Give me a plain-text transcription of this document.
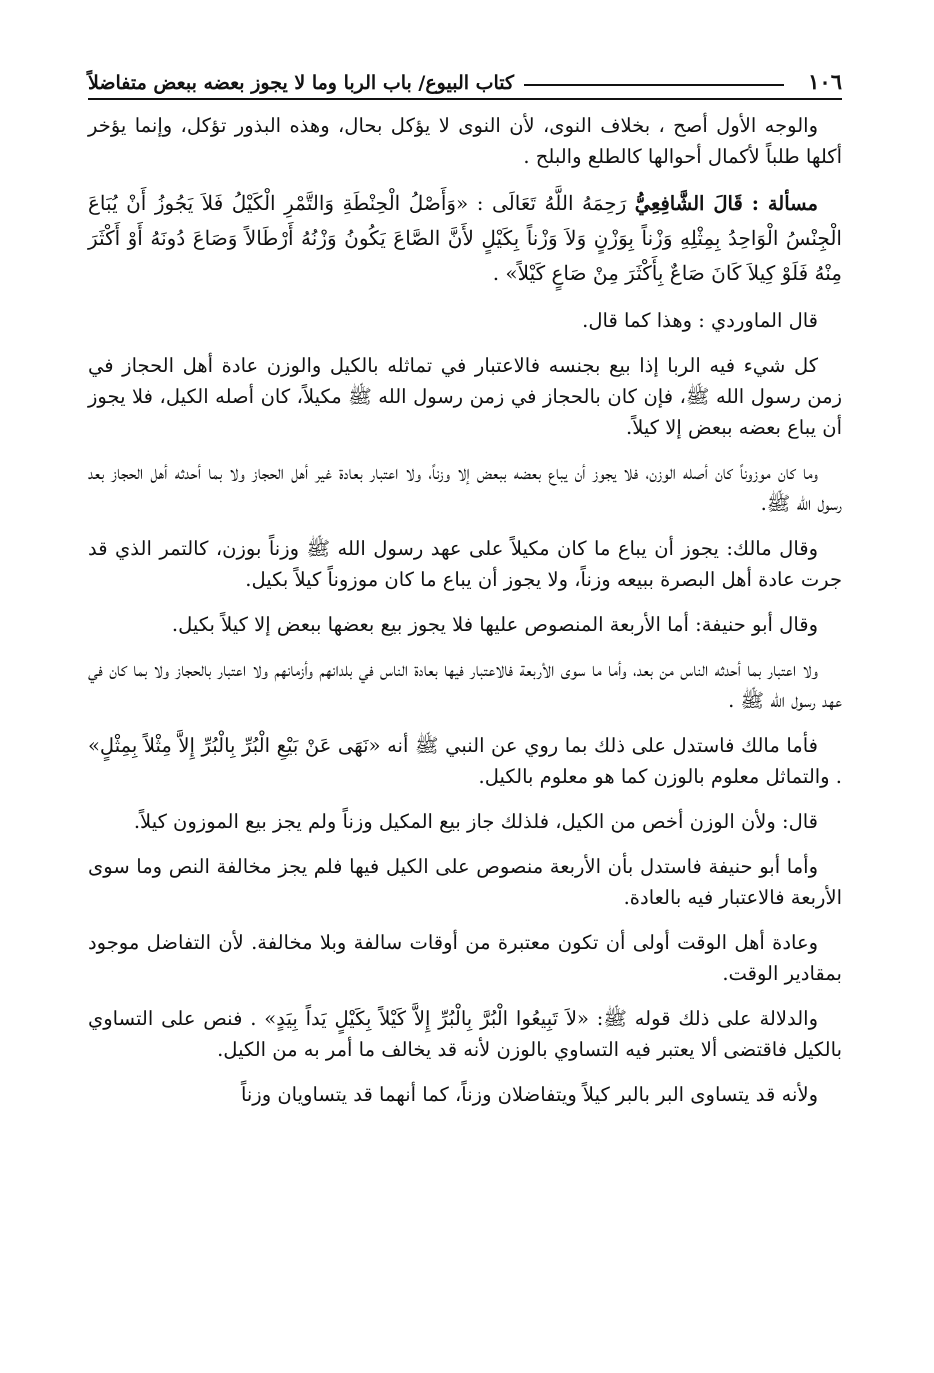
١٠٦
كتاب البيوع/ باب الربا وما لا يجوز بعضه ببعض متفاضلاً

والوجه الأول أصح ، بخلاف النوى، لأن النوى لا يؤكل بحال، وهذه البذور تؤكل، وإنما يؤخر أكلها طلباً لأكمال أحوالها كالطلع والبلح .

مسألة : قَالَ الشَّافِعِيُّ رَحِمَهُ اللَّهُ تَعَالَى : «وَأَصْلُ الْحِنْطَةِ وَالتَّمْرِ الْكَيْلُ فَلاَ يَجُوزُ أَنْ يُبَاعَ الْجِنْسُ الْوَاحِدُ بِمِثْلِهِ وَزْناً بِوَزْنٍ وَلاَ وَزْناً بِكَيْلٍ لأَنَّ الصَّاعَ يَكُونُ وَزْنُهُ أَرْطَالاً وَصَاعَ دُونَهُ أَوْ أَكْثَرَ مِنْهُ فَلَوْ كِيلاَ كَانَ صَاعٌ بِأَكْثَرَ مِنْ صَاعٍ كَيْلاً» .

قال الماوردي : وهذا كما قال.

كل شيء فيه الربا إذا بيع بجنسه فالاعتبار في تماثله بالكيل والوزن عادة أهل الحجاز في زمن رسول الله ﷺ، فإن كان بالحجاز في زمن رسول الله ﷺ مكيلاً، كان أصله الكيل، فلا يجوز أن يباع بعضه ببعض إلا كيلاً.

وما كان موزوناً كان أصله الوزن، فلا يجوز أن يباع بعضه ببعض إلا وزناً، ولا اعتبار بعادة غير أهل الحجاز ولا بما أحدثه أهل الحجاز بعد رسول الله ﷺ.

وقال مالك: يجوز أن يباع ما كان مكيلاً على عهد رسول الله ﷺ وزناً بوزن، كالتمر الذي قد جرت عادة أهل البصرة ببيعه وزناً، ولا يجوز أن يباع ما كان موزوناً كيلاً بكيل.

وقال أبو حنيفة: أما الأربعة المنصوص عليها فلا يجوز بيع بعضها ببعض إلا كيلاً بكيل.

ولا اعتبار بما أحدثه الناس من بعد، وأما ما سوى الأربعة فالاعتبار فيها بعادة الناس في بلدانهم وأزمانهم ولا اعتبار بالحجاز ولا بما كان في عهد رسول الله ﷺ .

فأما مالك فاستدل على ذلك بما روي عن النبي ﷺ أنه «نَهَى عَنْ بَيْعِ الْبُرِّ بِالْبُرِّ إِلاَّ مِثْلاً بِمِثْلٍ» . والتماثل معلوم بالوزن كما هو معلوم بالكيل.

قال: ولأن الوزن أخص من الكيل، فلذلك جاز بيع المكيل وزناً ولم يجز بيع الموزون كيلاً.

وأما أبو حنيفة فاستدل بأن الأربعة منصوص على الكيل فيها فلم يجز مخالفة النص وما سوى الأربعة فالاعتبار فيه بالعادة.

وعادة أهل الوقت أولى أن تكون معتبرة من أوقات سالفة وبلا مخالفة. لأن التفاضل موجود بمقادير الوقت.

والدلالة على ذلك قوله ﷺ: «لاَ تَبِيعُوا الْبُرَّ بِالْبُرِّ إِلاَّ كَيْلاً بِكَيْلٍ يَداً بِيَدٍ» . فنص على التساوي بالكيل فاقتضى ألا يعتبر فيه التساوي بالوزن لأنه قد يخالف ما أمر به من الكيل.

ولأنه قد يتساوى البر بالبر كيلاً ويتفاضلان وزناً، كما أنهما قد يتساويان وزناً
